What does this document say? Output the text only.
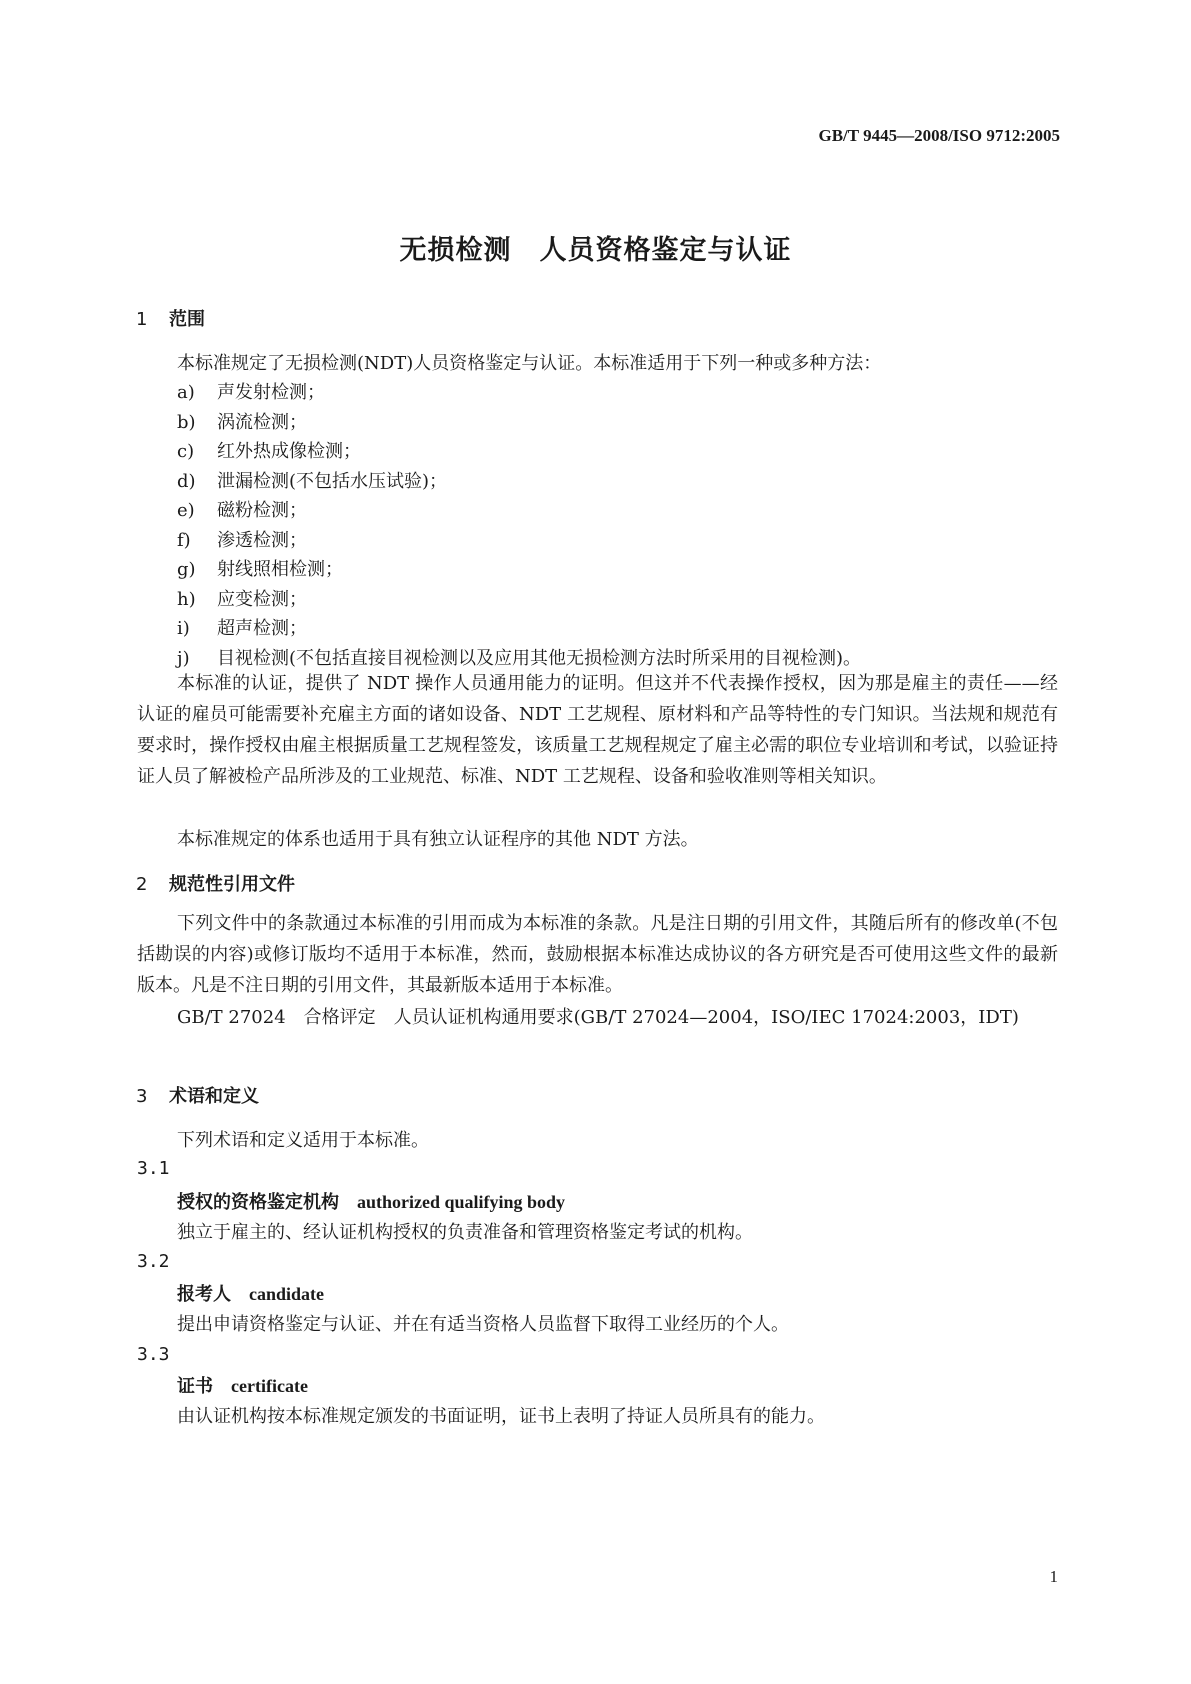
GB/T 9445—2008/ISO 9712:2005
无损检测　人员资格鉴定与认证
1 范围
本标准规定了无损检测(NDT)人员资格鉴定与认证。本标准适用于下列一种或多种方法：
a) 声发射检测；
b) 涡流检测；
c) 红外热成像检测；
d) 泄漏检测(不包括水压试验)；
e) 磁粉检测；
f) 渗透检测；
g) 射线照相检测；
h) 应变检测；
i) 超声检测；
j) 目视检测(不包括直接目视检测以及应用其他无损检测方法时所采用的目视检测)。
本标准的认证，提供了 NDT 操作人员通用能力的证明。但这并不代表操作授权，因为那是雇主的责任——经认证的雇员可能需要补充雇主方面的诸如设备、NDT 工艺规程、原材料和产品等特性的专门知识。当法规和规范有要求时，操作授权由雇主根据质量工艺规程签发，该质量工艺规程规定了雇主必需的职位专业培训和考试，以验证持证人员了解被检产品所涉及的工业规范、标准、NDT 工艺规程、设备和验收准则等相关知识。
本标准规定的体系也适用于具有独立认证程序的其他 NDT 方法。
2 规范性引用文件
下列文件中的条款通过本标准的引用而成为本标准的条款。凡是注日期的引用文件，其随后所有的修改单(不包括勘误的内容)或修订版均不适用于本标准，然而，鼓励根据本标准达成协议的各方研究是否可使用这些文件的最新版本。凡是不注日期的引用文件，其最新版本适用于本标准。
GB/T 27024　合格评定　人员认证机构通用要求(GB/T 27024—2004，ISO/IEC 17024:2003，IDT)
3 术语和定义
下列术语和定义适用于本标准。
3.1
授权的资格鉴定机构 authorized qualifying body
独立于雇主的、经认证机构授权的负责准备和管理资格鉴定考试的机构。
3.2
报考人 candidate
提出申请资格鉴定与认证、并在有适当资格人员监督下取得工业经历的个人。
3.3
证书 certificate
由认证机构按本标准规定颁发的书面证明，证书上表明了持证人员所具有的能力。
1
